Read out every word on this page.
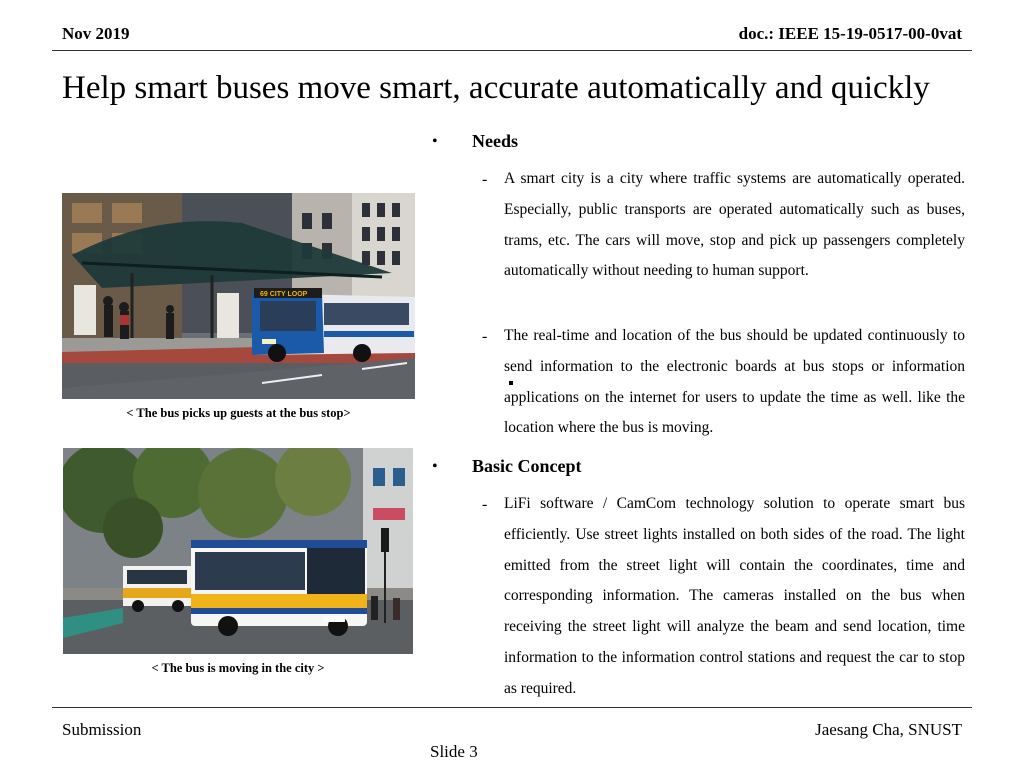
Nov 2019	doc.: IEEE 15-19-0517-00-0vat
Help smart buses move smart, accurate automatically and quickly
69 CITY LOOP
< The bus picks up guests at the bus stop>
< The bus is moving in the city >
• Needs
- A smart city is a city where traffic systems are automatically operated. Especially, public transports are operated automatically such as buses, trams, etc. The cars will move, stop and pick up passengers completely automatically without needing to human support.
- The real-time and location of the bus should be updated continuously to send information to the electronic boards at bus stops or information applications on the internet for users to update the time as well. like the location where the bus is moving.
• Basic Concept
- LiFi software / CamCom technology solution to operate smart bus efficiently. Use street lights installed on both sides of the road. The light emitted from the street light will contain the coordinates, time and corresponding information. The cameras installed on the bus when receiving the street light will analyze the beam and send location, time information to the information control stations and request the car to stop as required.
Submission	Jaesang Cha, SNUST
Slide 3
